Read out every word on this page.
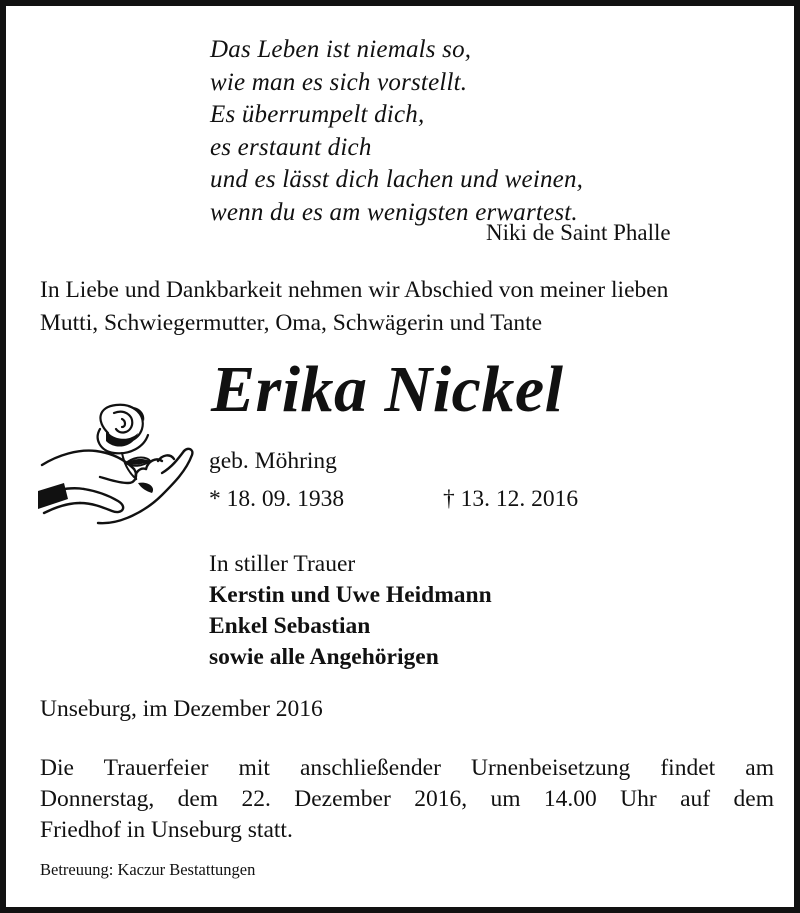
Das Leben ist niemals so,
wie man es sich vorstellt.
Es überrumpelt dich,
es erstaunt dich
und es lässt dich lachen und weinen,
wenn du es am wenigsten erwartest.
Niki de Saint Phalle
In Liebe und Dankbarkeit nehmen wir Abschied von meiner lieben
Mutti, Schwiegermutter, Oma, Schwägerin und Tante
Erika Nickel
geb. Möhring
* 18. 09. 1938	† 13. 12. 2016
In stiller Trauer
Kerstin und Uwe Heidmann
Enkel Sebastian
sowie alle Angehörigen
Unseburg, im Dezember 2016
Die Trauerfeier mit anschließender Urnenbeisetzung findet am
Donnerstag, dem 22. Dezember 2016, um 14.00 Uhr auf dem
Friedhof in Unseburg statt.
Betreuung: Kaczur Bestattungen
